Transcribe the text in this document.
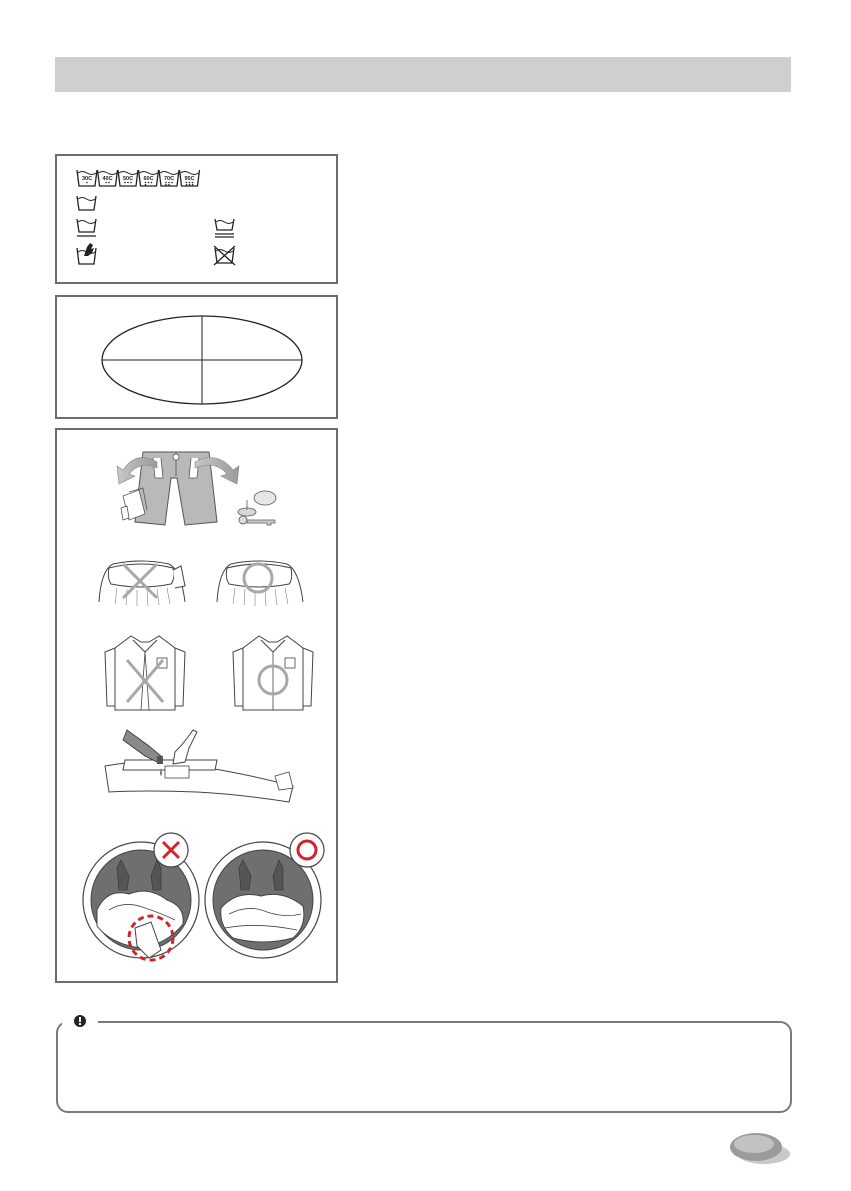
30C 40C 50C 60C 70C 95C
